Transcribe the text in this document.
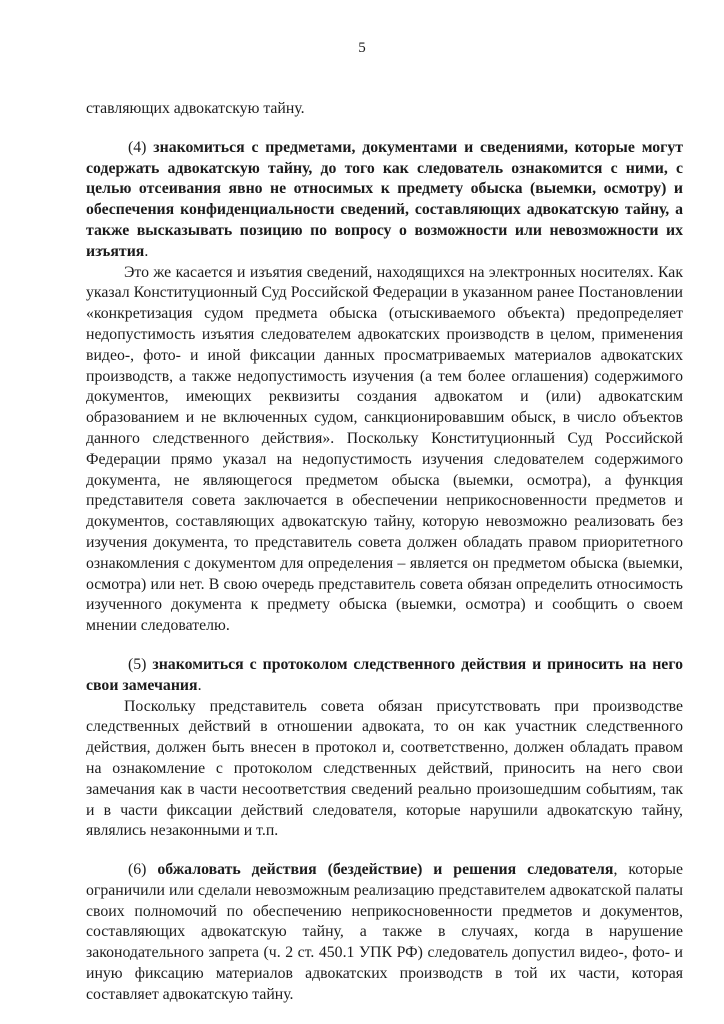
5

ставляющих адвокатскую тайну.

(4) знакомиться с предметами, документами и сведениями, которые могут содержать адвокатскую тайну, до того как следователь ознакомится с ними, с целью отсеивания явно не относимых к предмету обыска (выемки, осмотру) и обеспечения конфиденциальности сведений, составляющих адвокатскую тайну, а также высказывать позицию по вопросу о возможности или невозможности их изъятия.

Это же касается и изъятия сведений, находящихся на электронных носителях. Как указал Конституционный Суд Российской Федерации в указанном ранее Постановлении «конкретизация судом предмета обыска (отыскиваемого объекта) предопределяет недопустимость изъятия следователем адвокатских производств в целом, применения видео-, фото- и иной фиксации данных просматриваемых материалов адвокатских производств, а также недопустимость изучения (а тем более оглашения) содержимого документов, имеющих реквизиты создания адвокатом и (или) адвокатским образованием и не включенных судом, санкционировавшим обыск, в число объектов данного следственного действия». Поскольку Конституционный Суд Российской Федерации прямо указал на недопустимость изучения следователем содержимого документа, не являющегося предметом обыска (выемки, осмотра), а функция представителя совета заключается в обеспечении неприкосновенности предметов и документов, составляющих адвокатскую тайну, которую невозможно реализовать без изучения документа, то представитель совета должен обладать правом приоритетного ознакомления с документом для определения – является он предметом обыска (выемки, осмотра) или нет. В свою очередь представитель совета обязан определить относимость изученного документа к предмету обыска (выемки, осмотра) и сообщить о своем мнении следователю.

(5) знакомиться с протоколом следственного действия и приносить на него свои замечания.

Поскольку представитель совета обязан присутствовать при производстве следственных действий в отношении адвоката, то он как участник следственного действия, должен быть внесен в протокол и, соответственно, должен обладать правом на ознакомление с протоколом следственных действий, приносить на него свои замечания как в части несоответствия сведений реально произошедшим событиям, так и в части фиксации действий следователя, которые нарушили адвокатскую тайну, являлись незаконными и т.п.

(6) обжаловать действия (бездействие) и решения следователя, которые ограничили или сделали невозможным реализацию представителем адвокатской палаты своих полномочий по обеспечению неприкосновенности предметов и документов, составляющих адвокатскую тайну, а также в случаях, когда в нарушение законодательного запрета (ч. 2 ст. 450.1 УПК РФ) следователь допустил видео-, фото- и иную фиксацию материалов адвокатских производств в той их части, которая составляет адвокатскую тайну.
